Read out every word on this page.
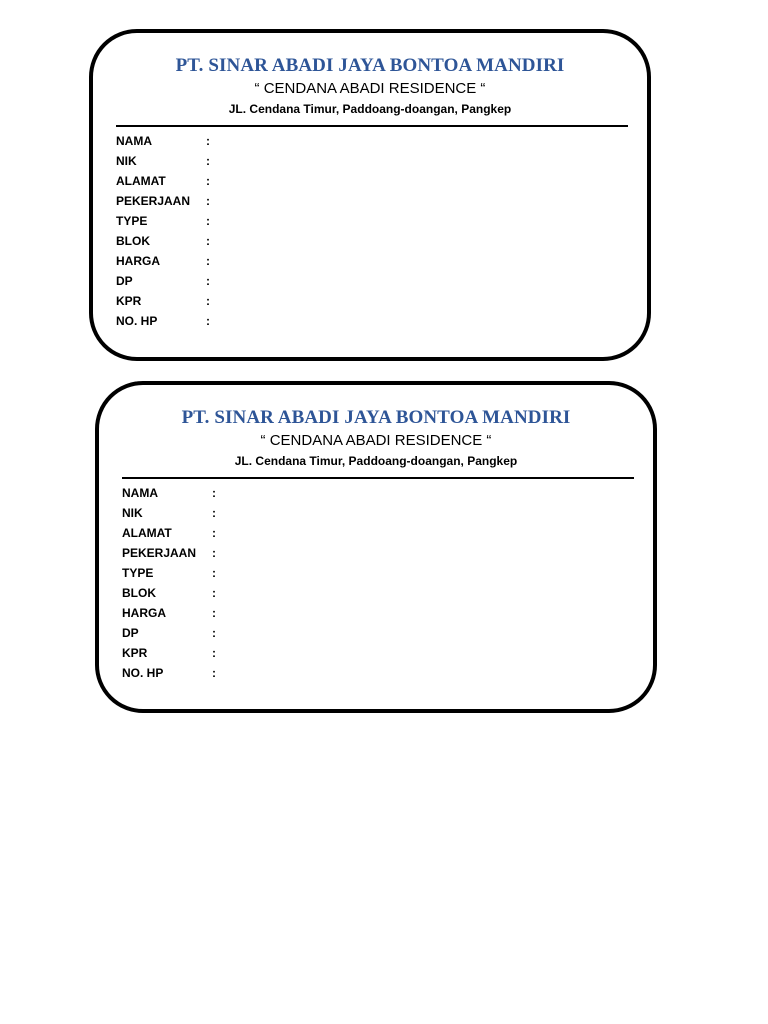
PT. SINAR ABADI JAYA BONTOA MANDIRI
“ CENDANA ABADI RESIDENCE “
JL. Cendana Timur, Paddoang-doangan, Pangkep
NAMA	:
NIK	:
ALAMAT	:
PEKERJAAN :
TYPE	:
BLOK	:
HARGA	:
DP	:
KPR	:
NO. HP	:
PT. SINAR ABADI JAYA BONTOA MANDIRI
“ CENDANA ABADI RESIDENCE “
JL. Cendana Timur, Paddoang-doangan, Pangkep
NAMA	:
NIK	:
ALAMAT	:
PEKERJAAN :
TYPE	:
BLOK	:
HARGA	:
DP	:
KPR	:
NO. HP	:
